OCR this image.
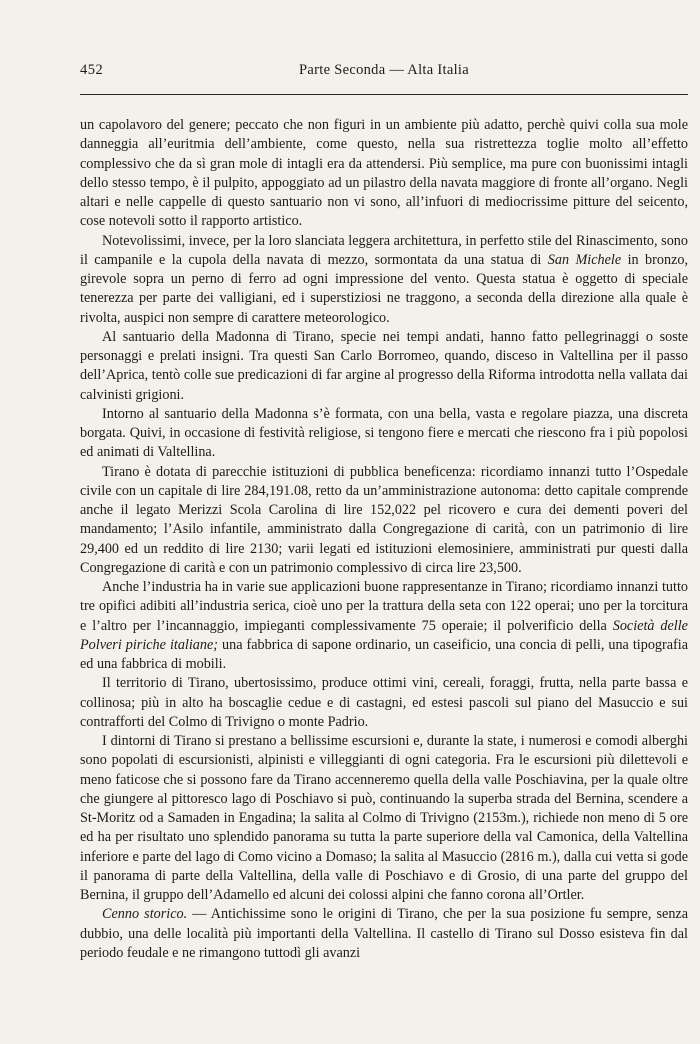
452	Parte Seconda — Alta Italia

un capolavoro del genere; peccato che non figuri in un ambiente più adatto, perchè quivi colla sua mole danneggia all’euritmia dell’ambiente, come questo, nella sua ristrettezza toglie molto all’effetto complessivo che da sì gran mole di intagli era da attendersi. Più semplice, ma pure con buonissimi intagli dello stesso tempo, è il pulpito, appoggiato ad un pilastro della navata maggiore di fronte all’organo. Negli altari e nelle cappelle di questo santuario non vi sono, all’infuori di mediocrissime pitture del seicento, cose notevoli sotto il rapporto artistico.

Notevolissimi, invece, per la loro slanciata leggera architettura, in perfetto stile del Rinascimento, sono il campanile e la cupola della navata di mezzo, sormontata da una statua di San Michele in bronzo, girevole sopra un perno di ferro ad ogni impressione del vento. Questa statua è oggetto di speciale tenerezza per parte dei valligiani, ed i superstiziosi ne traggono, a seconda della direzione alla quale è rivolta, auspici non sempre di carattere meteorologico.

Al santuario della Madonna di Tirano, specie nei tempi andati, hanno fatto pellegrinaggi o soste personaggi e prelati insigni. Tra questi San Carlo Borromeo, quando, disceso in Valtellina per il passo dell’Aprica, tentò colle sue predicazioni di far argine al progresso della Riforma introdotta nella vallata dai calvinisti grigioni.

Intorno al santuario della Madonna s’è formata, con una bella, vasta e regolare piazza, una discreta borgata. Quivi, in occasione di festività religiose, si tengono fiere e mercati che riescono fra i più popolosi ed animati di Valtellina.

Tirano è dotata di parecchie istituzioni di pubblica beneficenza: ricordiamo innanzi tutto l’Ospedale civile con un capitale di lire 284,191.08, retto da un’amministrazione autonoma: detto capitale comprende anche il legato Merizzi Scola Carolina di lire 152,022 pel ricovero e cura dei dementi poveri del mandamento; l’Asilo infantile, amministrato dalla Congregazione di carità, con un patrimonio di lire 29,400 ed un reddito di lire 2130; varii legati ed istituzioni elemosiniere, amministrati pur questi dalla Congregazione di carità e con un patrimonio complessivo di circa lire 23,500.

Anche l’industria ha in varie sue applicazioni buone rappresentanze in Tirano; ricordiamo innanzi tutto tre opifici adibiti all’industria serica, cioè uno per la trattura della seta con 122 operai; uno per la torcitura e l’altro per l’incannaggio, impieganti complessivamente 75 operaie; il polverificio della Società delle Polveri piriche italiane; una fabbrica di sapone ordinario, un caseificio, una concia di pelli, una tipografia ed una fabbrica di mobili.

Il territorio di Tirano, ubertosissimo, produce ottimi vini, cereali, foraggi, frutta, nella parte bassa e collinosa; più in alto ha boscaglie cedue e di castagni, ed estesi pascoli sul piano del Masuccio e sui contrafforti del Colmo di Trivigno o monte Padrio.

I dintorni di Tirano si prestano a bellissime escursioni e, durante la state, i numerosi e comodi alberghi sono popolati di escursionisti, alpinisti e villeggianti di ogni categoria. Fra le escursioni più dilettevoli e meno faticose che si possono fare da Tirano accenneremo quella della valle Poschiavina, per la quale oltre che giungere al pittoresco lago di Poschiavo si può, continuando la superba strada del Bernina, scendere a St-Moritz od a Samaden in Engadina; la salita al Colmo di Trivigno (2153m.), richiede non meno di 5 ore ed ha per risultato uno splendido panorama su tutta la parte superiore della val Camonica, della Valtellina inferiore e parte del lago di Como vicino a Domaso; la salita al Masuccio (2816 m.), dalla cui vetta si gode il panorama di parte della Valtellina, della valle di Poschiavo e di Grosio, di una parte del gruppo del Bernina, il gruppo dell’Adamello ed alcuni dei colossi alpini che fanno corona all’Ortler.

Cenno storico. — Antichissime sono le origini di Tirano, che per la sua posizione fu sempre, senza dubbio, una delle località più importanti della Valtellina. Il castello di Tirano sul Dosso esisteva fin dal periodo feudale e ne rimangono tuttodì gli avanzi
